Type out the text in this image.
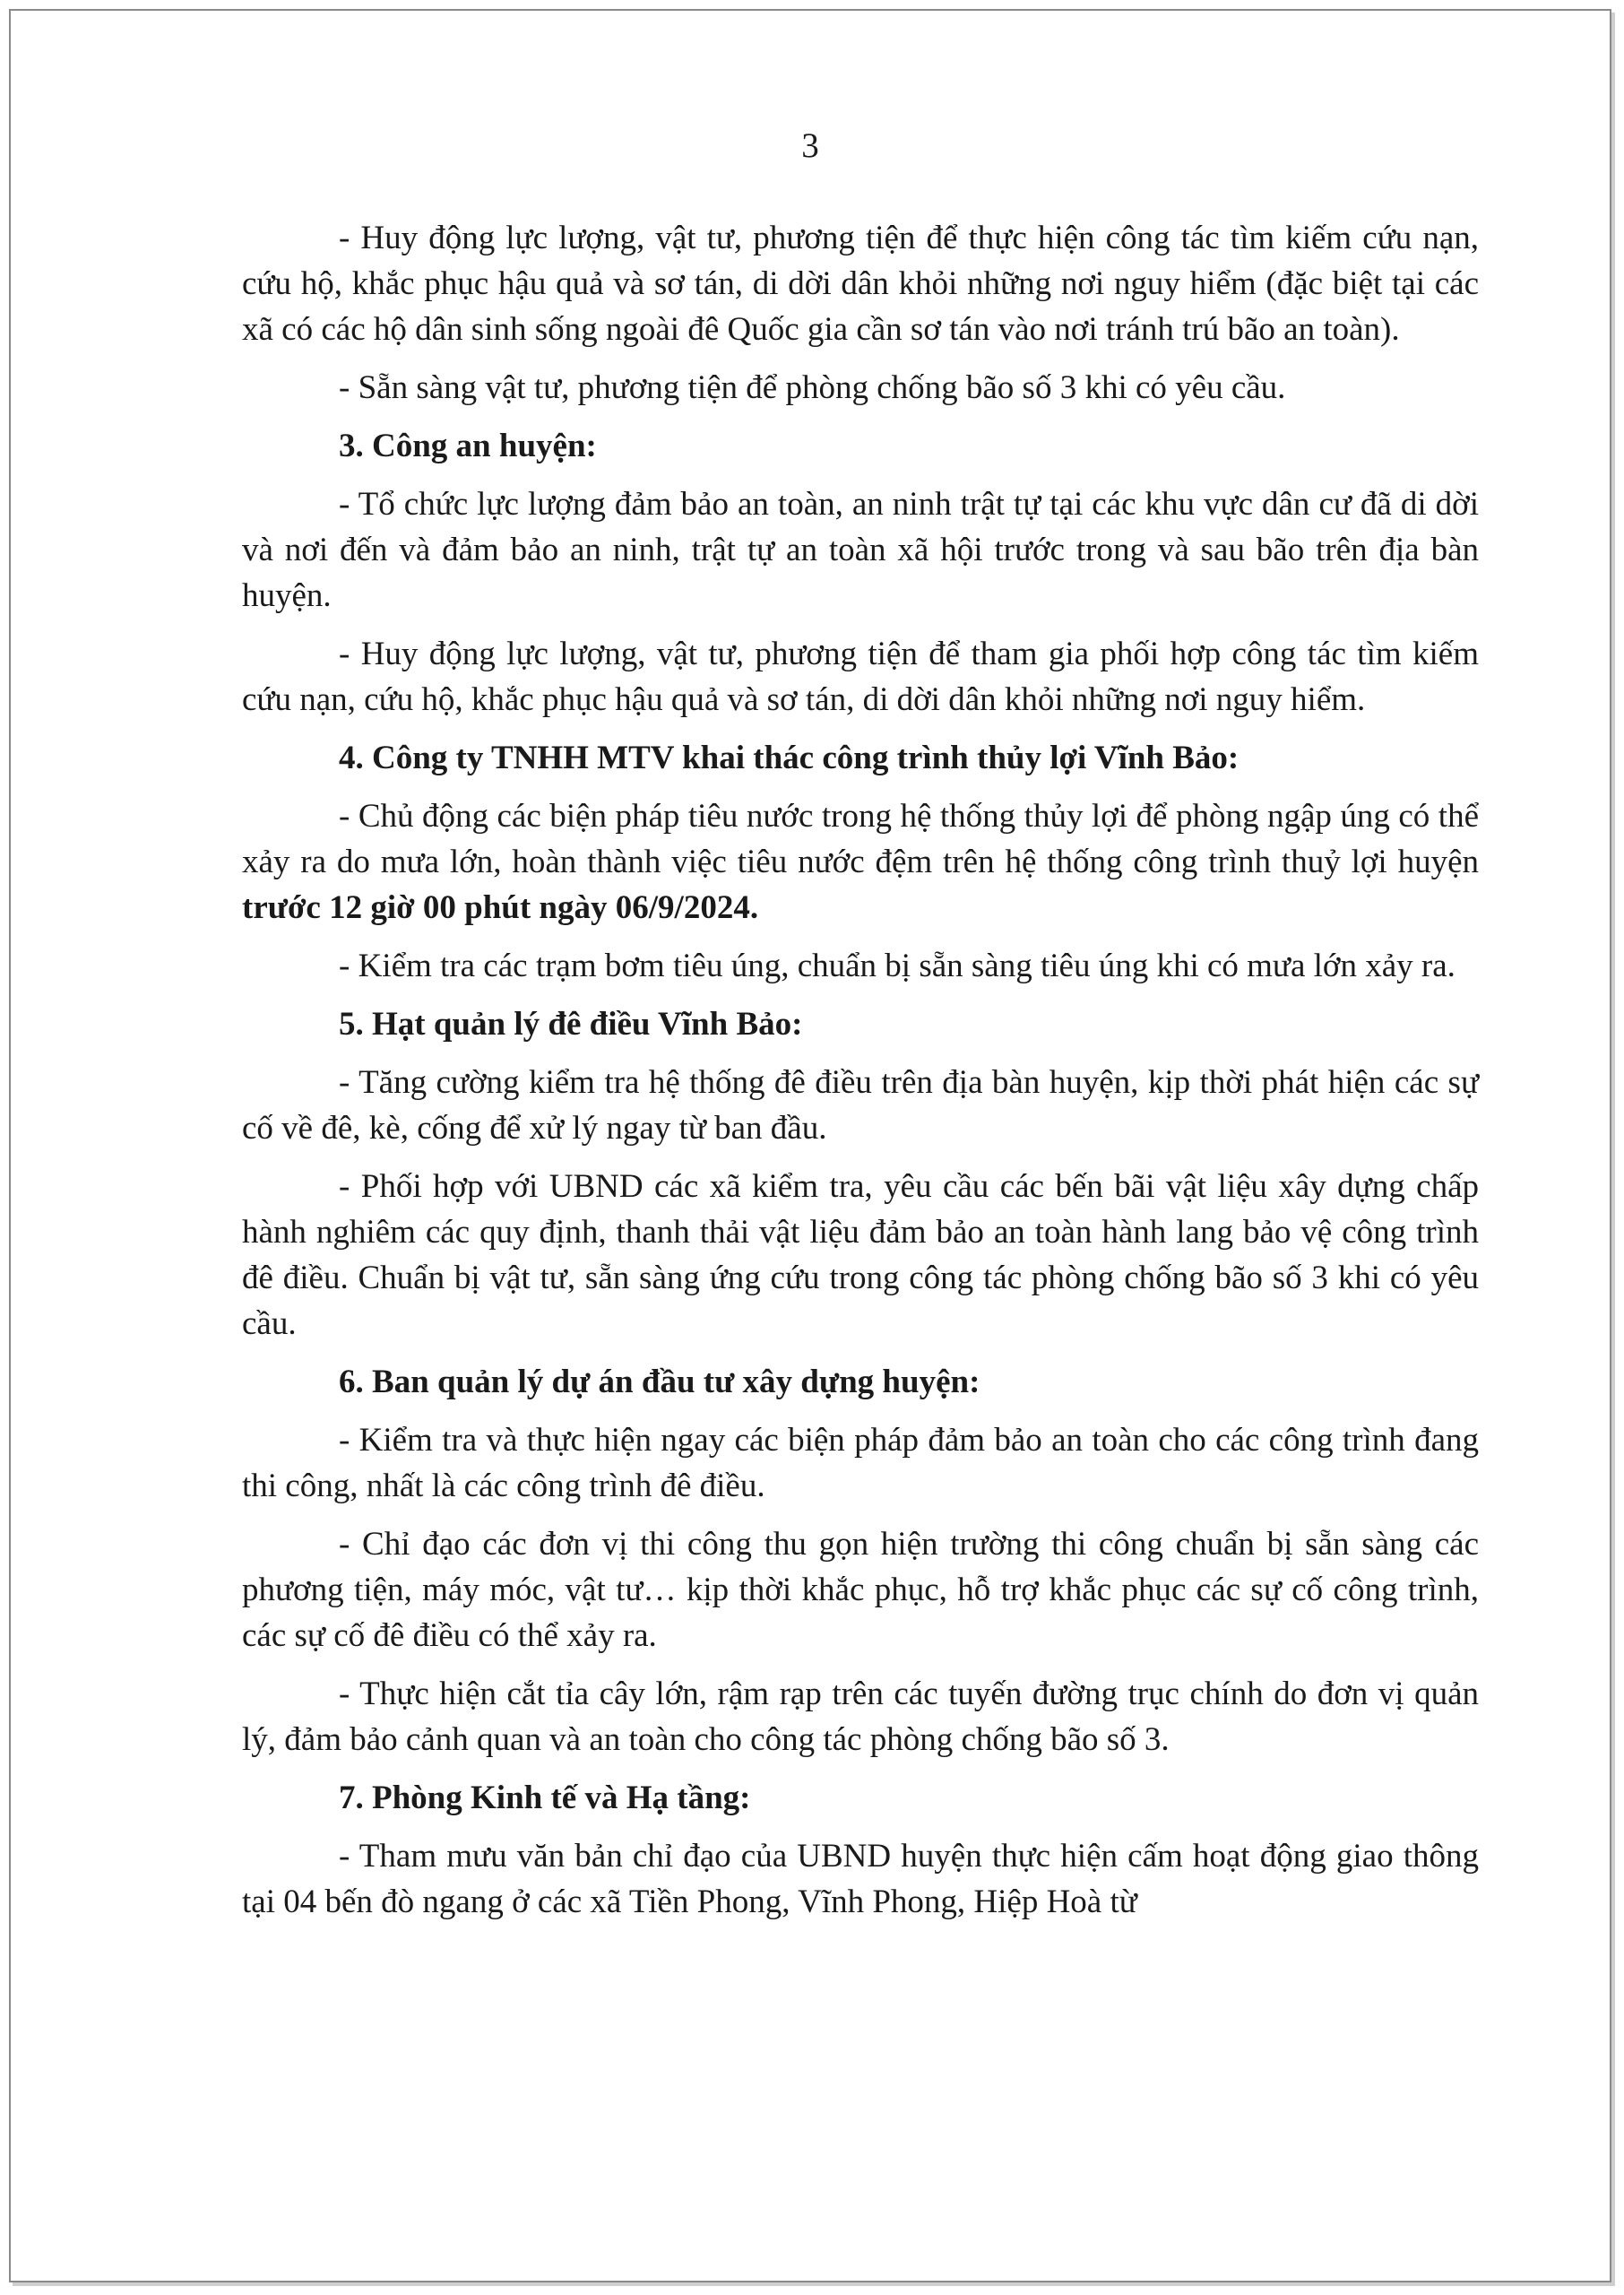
3

- Huy động lực lượng, vật tư, phương tiện để thực hiện công tác tìm kiếm cứu nạn, cứu hộ, khắc phục hậu quả và sơ tán, di dời dân khỏi những nơi nguy hiểm (đặc biệt tại các xã có các hộ dân sinh sống ngoài đê Quốc gia cần sơ tán vào nơi tránh trú bão an toàn).

- Sẵn sàng vật tư, phương tiện để phòng chống bão số 3 khi có yêu cầu.

3. Công an huyện:

- Tổ chức lực lượng đảm bảo an toàn, an ninh trật tự tại các khu vực dân cư đã di dời và nơi đến và đảm bảo an ninh, trật tự an toàn xã hội trước trong và sau bão trên địa bàn huyện.

- Huy động lực lượng, vật tư, phương tiện để tham gia phối hợp công tác tìm kiếm cứu nạn, cứu hộ, khắc phục hậu quả và sơ tán, di dời dân khỏi những nơi nguy hiểm.

4. Công ty TNHH MTV khai thác công trình thủy lợi Vĩnh Bảo:

- Chủ động các biện pháp tiêu nước trong hệ thống thủy lợi để phòng ngập úng có thể xảy ra do mưa lớn, hoàn thành việc tiêu nước đệm trên hệ thống công trình thuỷ lợi huyện trước 12 giờ 00 phút ngày 06/9/2024.

- Kiểm tra các trạm bơm tiêu úng, chuẩn bị sẵn sàng tiêu úng khi có mưa lớn xảy ra.

5. Hạt quản lý đê điều Vĩnh Bảo:

- Tăng cường kiểm tra hệ thống đê điều trên địa bàn huyện, kịp thời phát hiện các sự cố về đê, kè, cống để xử lý ngay từ ban đầu.

- Phối hợp với UBND các xã kiểm tra, yêu cầu các bến bãi vật liệu xây dựng chấp hành nghiêm các quy định, thanh thải vật liệu đảm bảo an toàn hành lang bảo vệ công trình đê điều. Chuẩn bị vật tư, sẵn sàng ứng cứu trong công tác phòng chống bão số 3 khi có yêu cầu.

6. Ban quản lý dự án đầu tư xây dựng huyện:

- Kiểm tra và thực hiện ngay các biện pháp đảm bảo an toàn cho các công trình đang thi công, nhất là các công trình đê điều.

- Chỉ đạo các đơn vị thi công thu gọn hiện trường thi công chuẩn bị sẵn sàng các phương tiện, máy móc, vật tư… kịp thời khắc phục, hỗ trợ khắc phục các sự cố công trình, các sự cố đê điều có thể xảy ra.

- Thực hiện cắt tỉa cây lớn, rậm rạp trên các tuyến đường trục chính do đơn vị quản lý, đảm bảo cảnh quan và an toàn cho công tác phòng chống bão số 3.

7. Phòng Kinh tế và Hạ tầng:

- Tham mưu văn bản chỉ đạo của UBND huyện thực hiện cấm hoạt động giao thông tại 04 bến đò ngang ở các xã Tiền Phong, Vĩnh Phong, Hiệp Hoà từ
